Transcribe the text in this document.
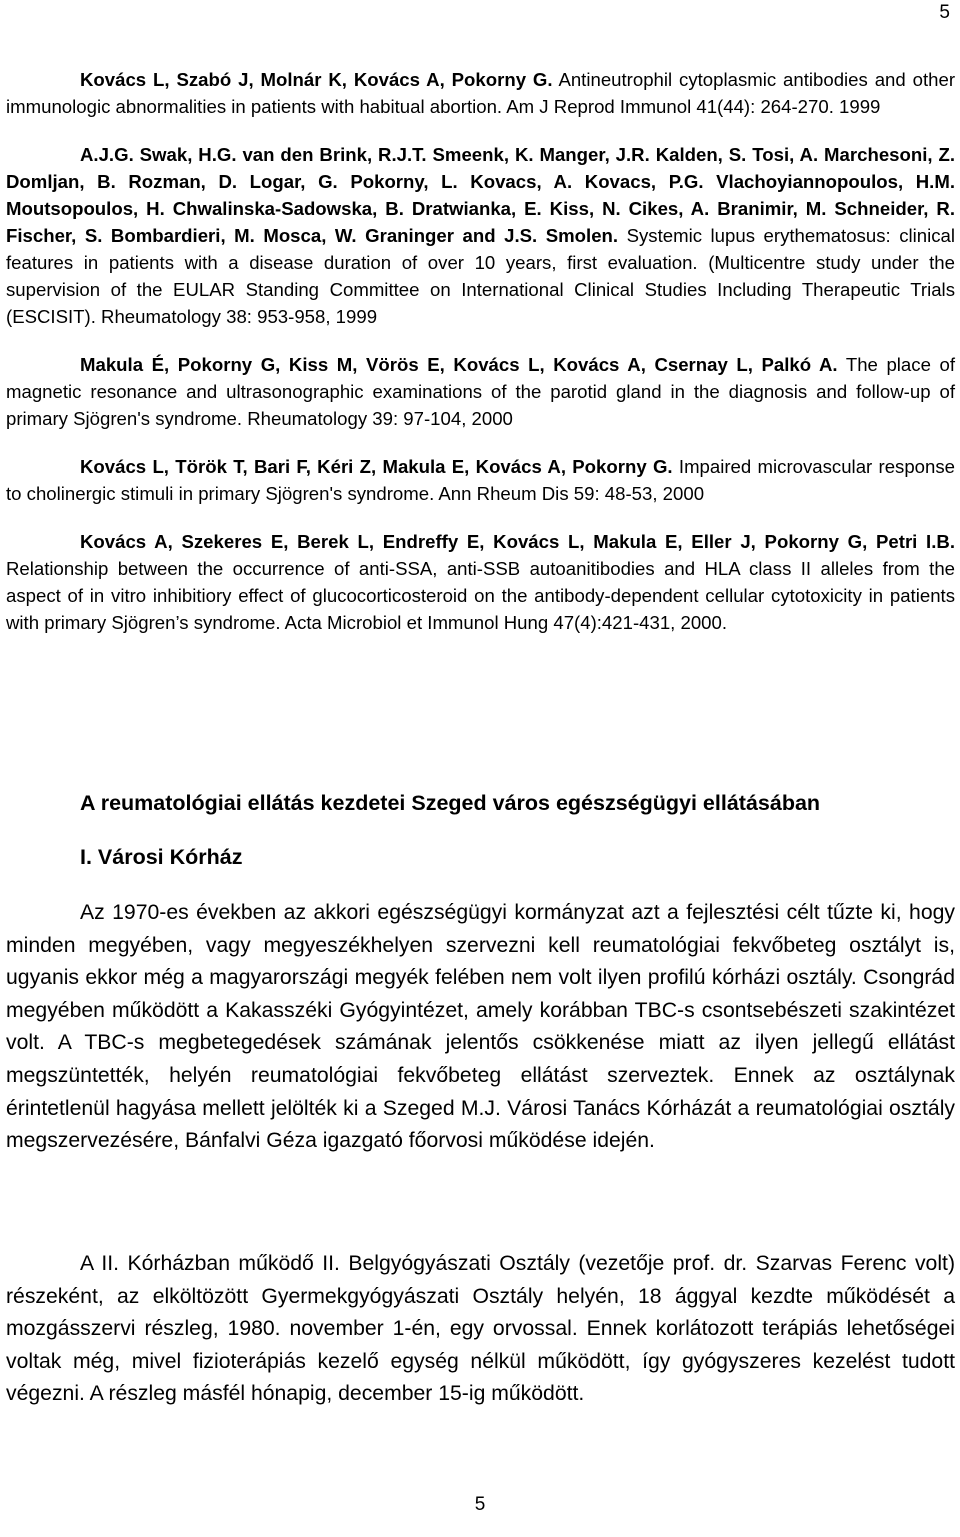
5

Kovács L, Szabó J, Molnár K, Kovács A, Pokorny G. Antineutrophil cytoplasmic antibodies and other immunologic abnormalities in patients with habitual abortion. Am J Reprod Immunol 41(44): 264-270. 1999

A.J.G. Swak, H.G. van den Brink, R.J.T. Smeenk, K. Manger, J.R. Kalden, S. Tosi, A. Marchesoni, Z. Domljan, B. Rozman, D. Logar, G. Pokorny, L. Kovacs, A. Kovacs, P.G. Vlachoyiannopoulos, H.M. Moutsopoulos, H. Chwalinska-Sadowska, B. Dratwianka, E. Kiss, N. Cikes, A. Branimir, M. Schneider, R. Fischer, S. Bombardieri, M. Mosca, W. Graninger and J.S. Smolen. Systemic lupus erythematosus: clinical features in patients with a disease duration of over 10 years, first evaluation. (Multicentre study under the supervision of the EULAR Standing Committee on International Clinical Studies Including Therapeutic Trials (ESCISIT). Rheumatology 38: 953-958, 1999

Makula É, Pokorny G, Kiss M, Vörös E, Kovács L, Kovács A, Csernay L, Palkó A. The place of magnetic resonance and ultrasonographic examinations of the parotid gland in the diagnosis and follow-up of primary Sjögren's syndrome. Rheumatology 39: 97-104, 2000

Kovács L, Török T, Bari F, Kéri Z, Makula E, Kovács A, Pokorny G. Impaired microvascular response to cholinergic stimuli in primary Sjögren's syndrome. Ann Rheum Dis 59: 48-53, 2000

Kovács A, Szekeres E, Berek L, Endreffy E, Kovács L, Makula E, Eller J, Pokorny G, Petri I.B. Relationship between the occurrence of anti-SSA, anti-SSB autoanitibodies and HLA class II alleles from the aspect of in vitro inhibitiory effect of glucocorticosteroid on the antibody-dependent cellular cytotoxicity in patients with primary Sjögren’s syndrome. Acta Microbiol et Immunol Hung 47(4):421-431, 2000.

A reumatológiai ellátás kezdetei Szeged város egészségügyi ellátásában
I. Városi Kórház
Az 1970-es években az akkori egészségügyi kormányzat azt a fejlesztési célt tűzte ki, hogy minden megyében, vagy megyeszékhelyen szervezni kell reumatológiai fekvőbeteg osztályt is, ugyanis ekkor még a magyarországi megyék felében nem volt ilyen profilú kórházi osztály. Csongrád megyében működött a Kakasszéki Gyógyintézet, amely korábban TBC-s csontsebészeti szakintézet volt. A TBC-s megbetegedések számának jelentős csökkenése miatt az ilyen jellegű ellátást megszüntették, helyén reumatológiai fekvőbeteg ellátást szerveztek. Ennek az osztálynak érintetlenül hagyása mellett jelölték ki a Szeged M.J. Városi Tanács Kórházát a reumatológiai osztály megszervezésére, Bánfalvi Géza igazgató főorvosi működése idején.
A II. Kórházban működő II. Belgyógyászati Osztály (vezetője prof. dr. Szarvas Ferenc volt) részeként, az elköltözött Gyermekgyógyászati Osztály helyén, 18 ággyal kezdte működését a mozgásszervi részleg, 1980. november 1-én, egy orvossal. Ennek korlátozott terápiás lehetőségei voltak még, mivel fizioterápiás kezelő egység nélkül működött, így gyógyszeres kezelést tudott végezni. A részleg másfél hónapig, december 15-ig működött.
5
